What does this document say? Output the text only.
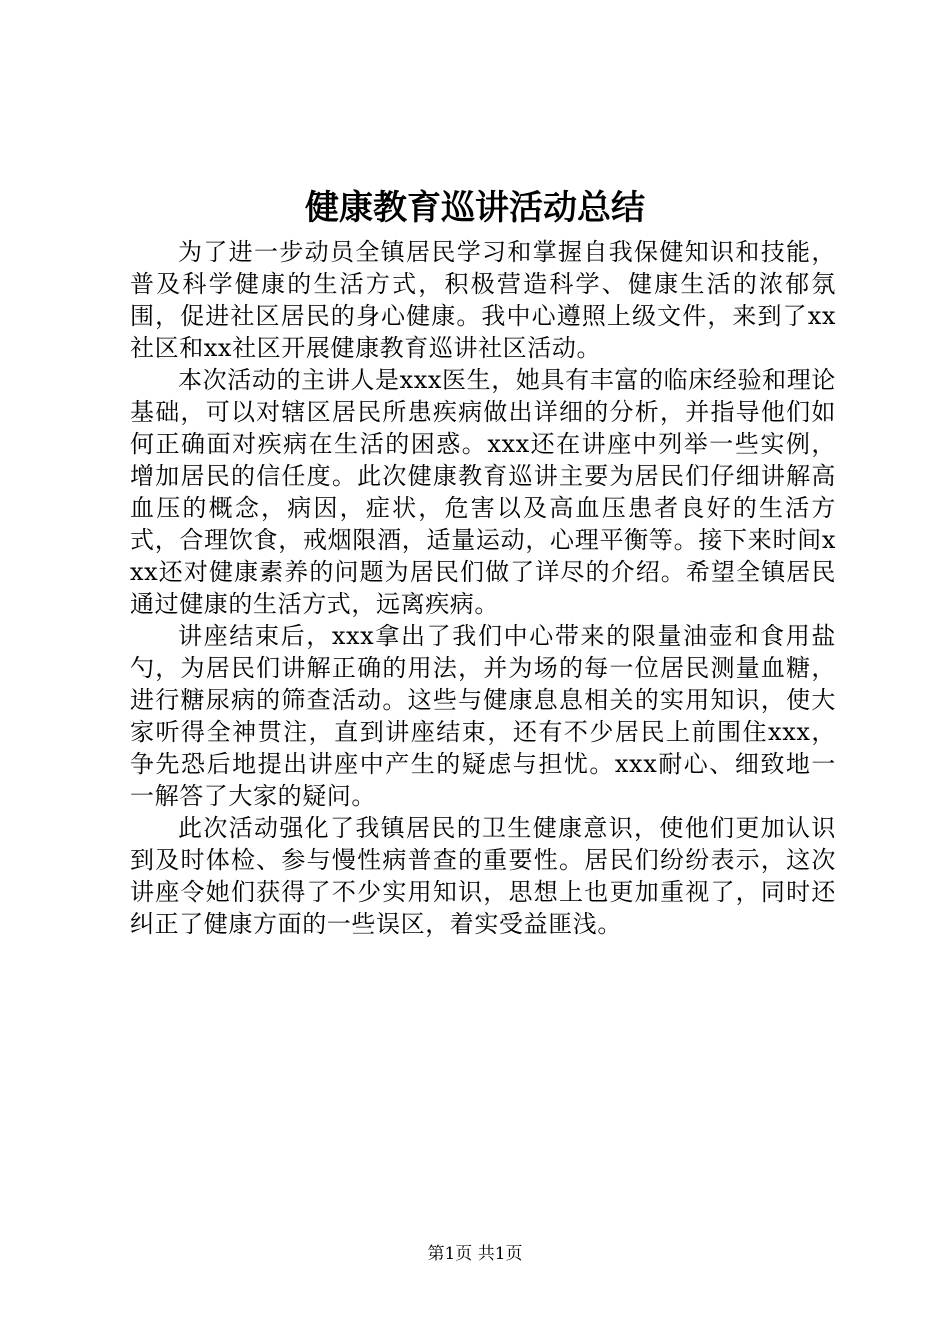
健康教育巡讲活动总结

为了进一步动员全镇居民学习和掌握自我保健知识和技能，普及科学健康的生活方式，积极营造科学、健康生活的浓郁氛围，促进社区居民的身心健康。我中心遵照上级文件，来到了xx社区和xx社区开展健康教育巡讲社区活动。

本次活动的主讲人是xxx医生，她具有丰富的临床经验和理论基础，可以对辖区居民所患疾病做出详细的分析，并指导他们如何正确面对疾病在生活的困惑。xxx还在讲座中列举一些实例，增加居民的信任度。此次健康教育巡讲主要为居民们仔细讲解高血压的概念，病因，症状，危害以及高血压患者良好的生活方式，合理饮食，戒烟限酒，适量运动，心理平衡等。接下来时间xxx还对健康素养的问题为居民们做了详尽的介绍。希望全镇居民通过健康的生活方式，远离疾病。

讲座结束后，xxx拿出了我们中心带来的限量油壶和食用盐勺，为居民们讲解正确的用法，并为场的每一位居民测量血糖，进行糖尿病的筛查活动。这些与健康息息相关的实用知识，使大家听得全神贯注，直到讲座结束，还有不少居民上前围住xxx，争先恐后地提出讲座中产生的疑虑与担忧。xxx耐心、细致地一一解答了大家的疑问。

此次活动强化了我镇居民的卫生健康意识，使他们更加认识到及时体检、参与慢性病普查的重要性。居民们纷纷表示，这次讲座令她们获得了不少实用知识，思想上也更加重视了，同时还纠正了健康方面的一些误区，着实受益匪浅。

第1页 共1页
